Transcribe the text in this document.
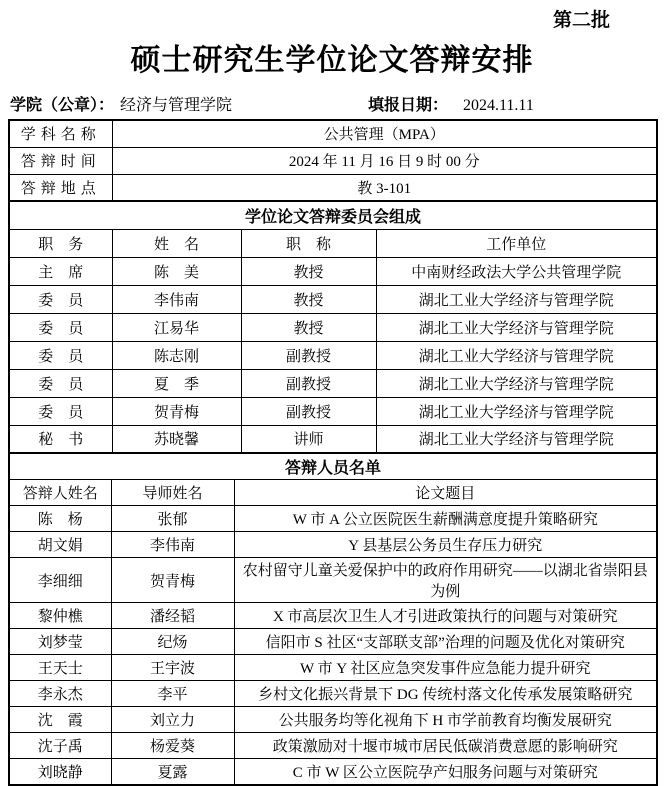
第二批
硕士研究生学位论文答辩安排
学院（公章）： 经济与管理学院	填报日期： 2024.11.11
学科名称	公共管理（MPA）
答辩时间	2024 年 11 月 16 日 9 时 00 分
答辩地点	教 3-101
学位论文答辩委员会组成			
职　务	姓　名	职　称	工作单位
主　席	陈　美	教授	中南财经政法大学公共管理学院
委　员	李伟南	教授	湖北工业大学经济与管理学院
委　员	江易华	教授	湖北工业大学经济与管理学院
委　员	陈志刚	副教授	湖北工业大学经济与管理学院
委　员	夏　季	副教授	湖北工业大学经济与管理学院
委　员	贺青梅	副教授	湖北工业大学经济与管理学院
秘　书	苏晓馨	讲师	湖北工业大学经济与管理学院
答辩人员名单		
答辩人姓名	导师姓名	论文题目
陈　杨	张郁	W 市 A 公立医院医生薪酬满意度提升策略研究
胡文娟	李伟南	Y 县基层公务员生存压力研究
李细细	贺青梅	农村留守儿童关爱保护中的政府作用研究——以湖北省崇阳县为例
黎仲樵	潘经韬	X 市高层次卫生人才引进政策执行的问题与对策研究
刘梦莹	纪炀	信阳市 S 社区“支部联支部”治理的问题及优化对策研究
王天士	王宇波	W 市 Y 社区应急突发事件应急能力提升研究
李永杰	李平	乡村文化振兴背景下 DG 传统村落文化传承发展策略研究
沈　霞	刘立力	公共服务均等化视角下 H 市学前教育均衡发展研究
沈子禹	杨爱葵	政策激励对十堰市城市居民低碳消费意愿的影响研究
刘晓静	夏露	C 市 W 区公立医院孕产妇服务问题与对策研究
